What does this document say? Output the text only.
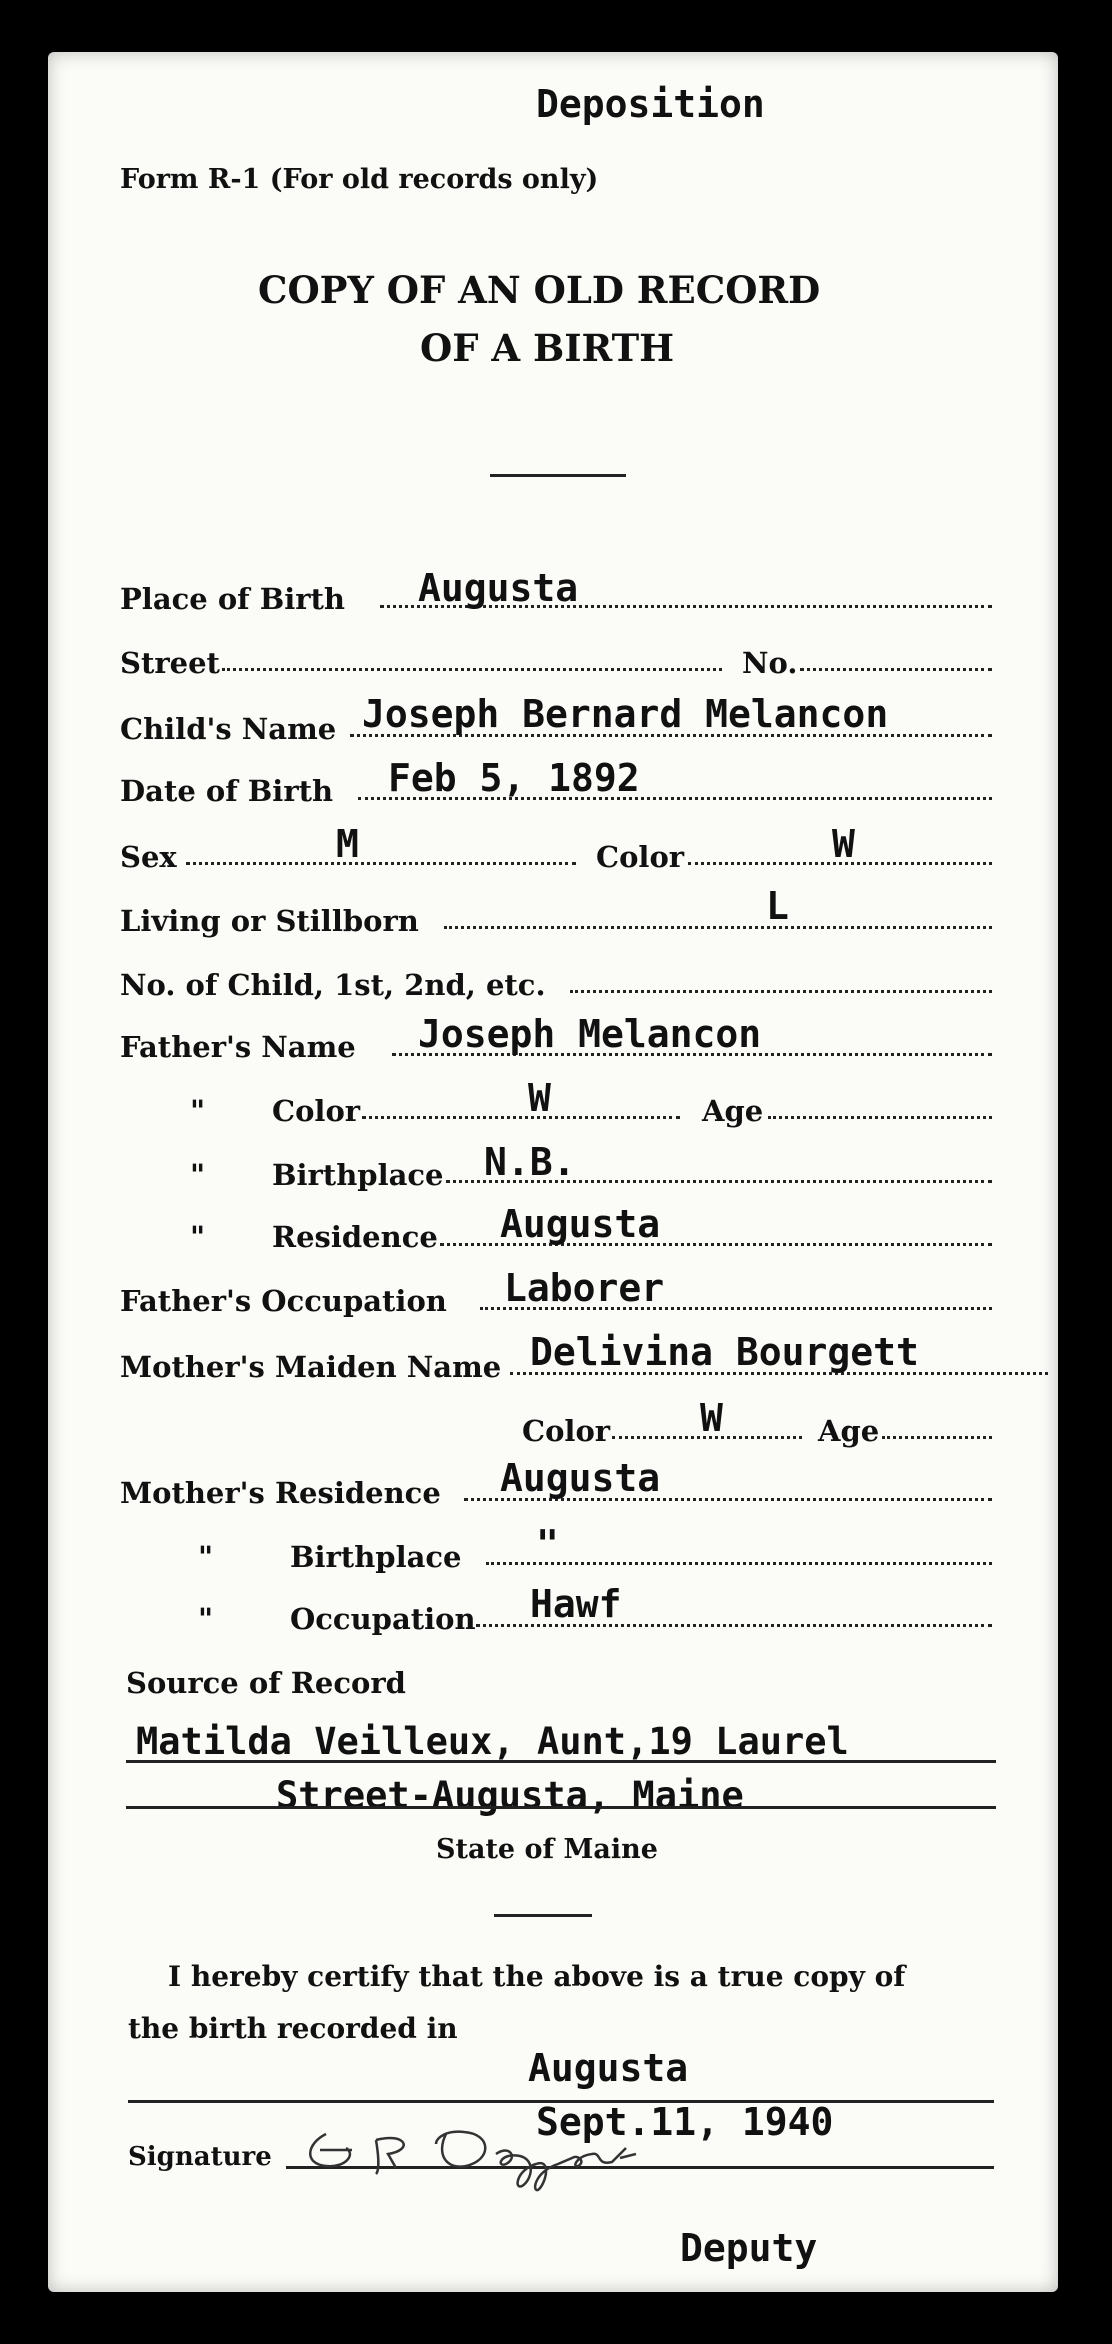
Deposition
Form R-1 (For old records only)
COPY OF AN OLD RECORD
OF A BIRTH
Place of Birth Augusta
Street	No.
Child's Name Joseph Bernard Melancon
Date of Birth Feb 5, 1892
Sex	M	Color	W
Living or Stillborn	L
No. of Child, 1st, 2nd, etc.
Father's Name Joseph Melancon
" Color	W	Age
" Birthplace N.B.
" Residence Augusta
Father's Occupation Laborer
Mother's Maiden Name Delivina Bourgett
Color W	Age
Mother's Residence Augusta
"	Birthplace "
"	Occupation Hawf
Source of Record
Matilda Veilleux, Aunt,19 Laurel
Street-Augusta, Maine
State of Maine
I hereby certify that the above is a true copy of
the birth recorded in
Augusta
Sept.11, 1940
Signature
Deputy
